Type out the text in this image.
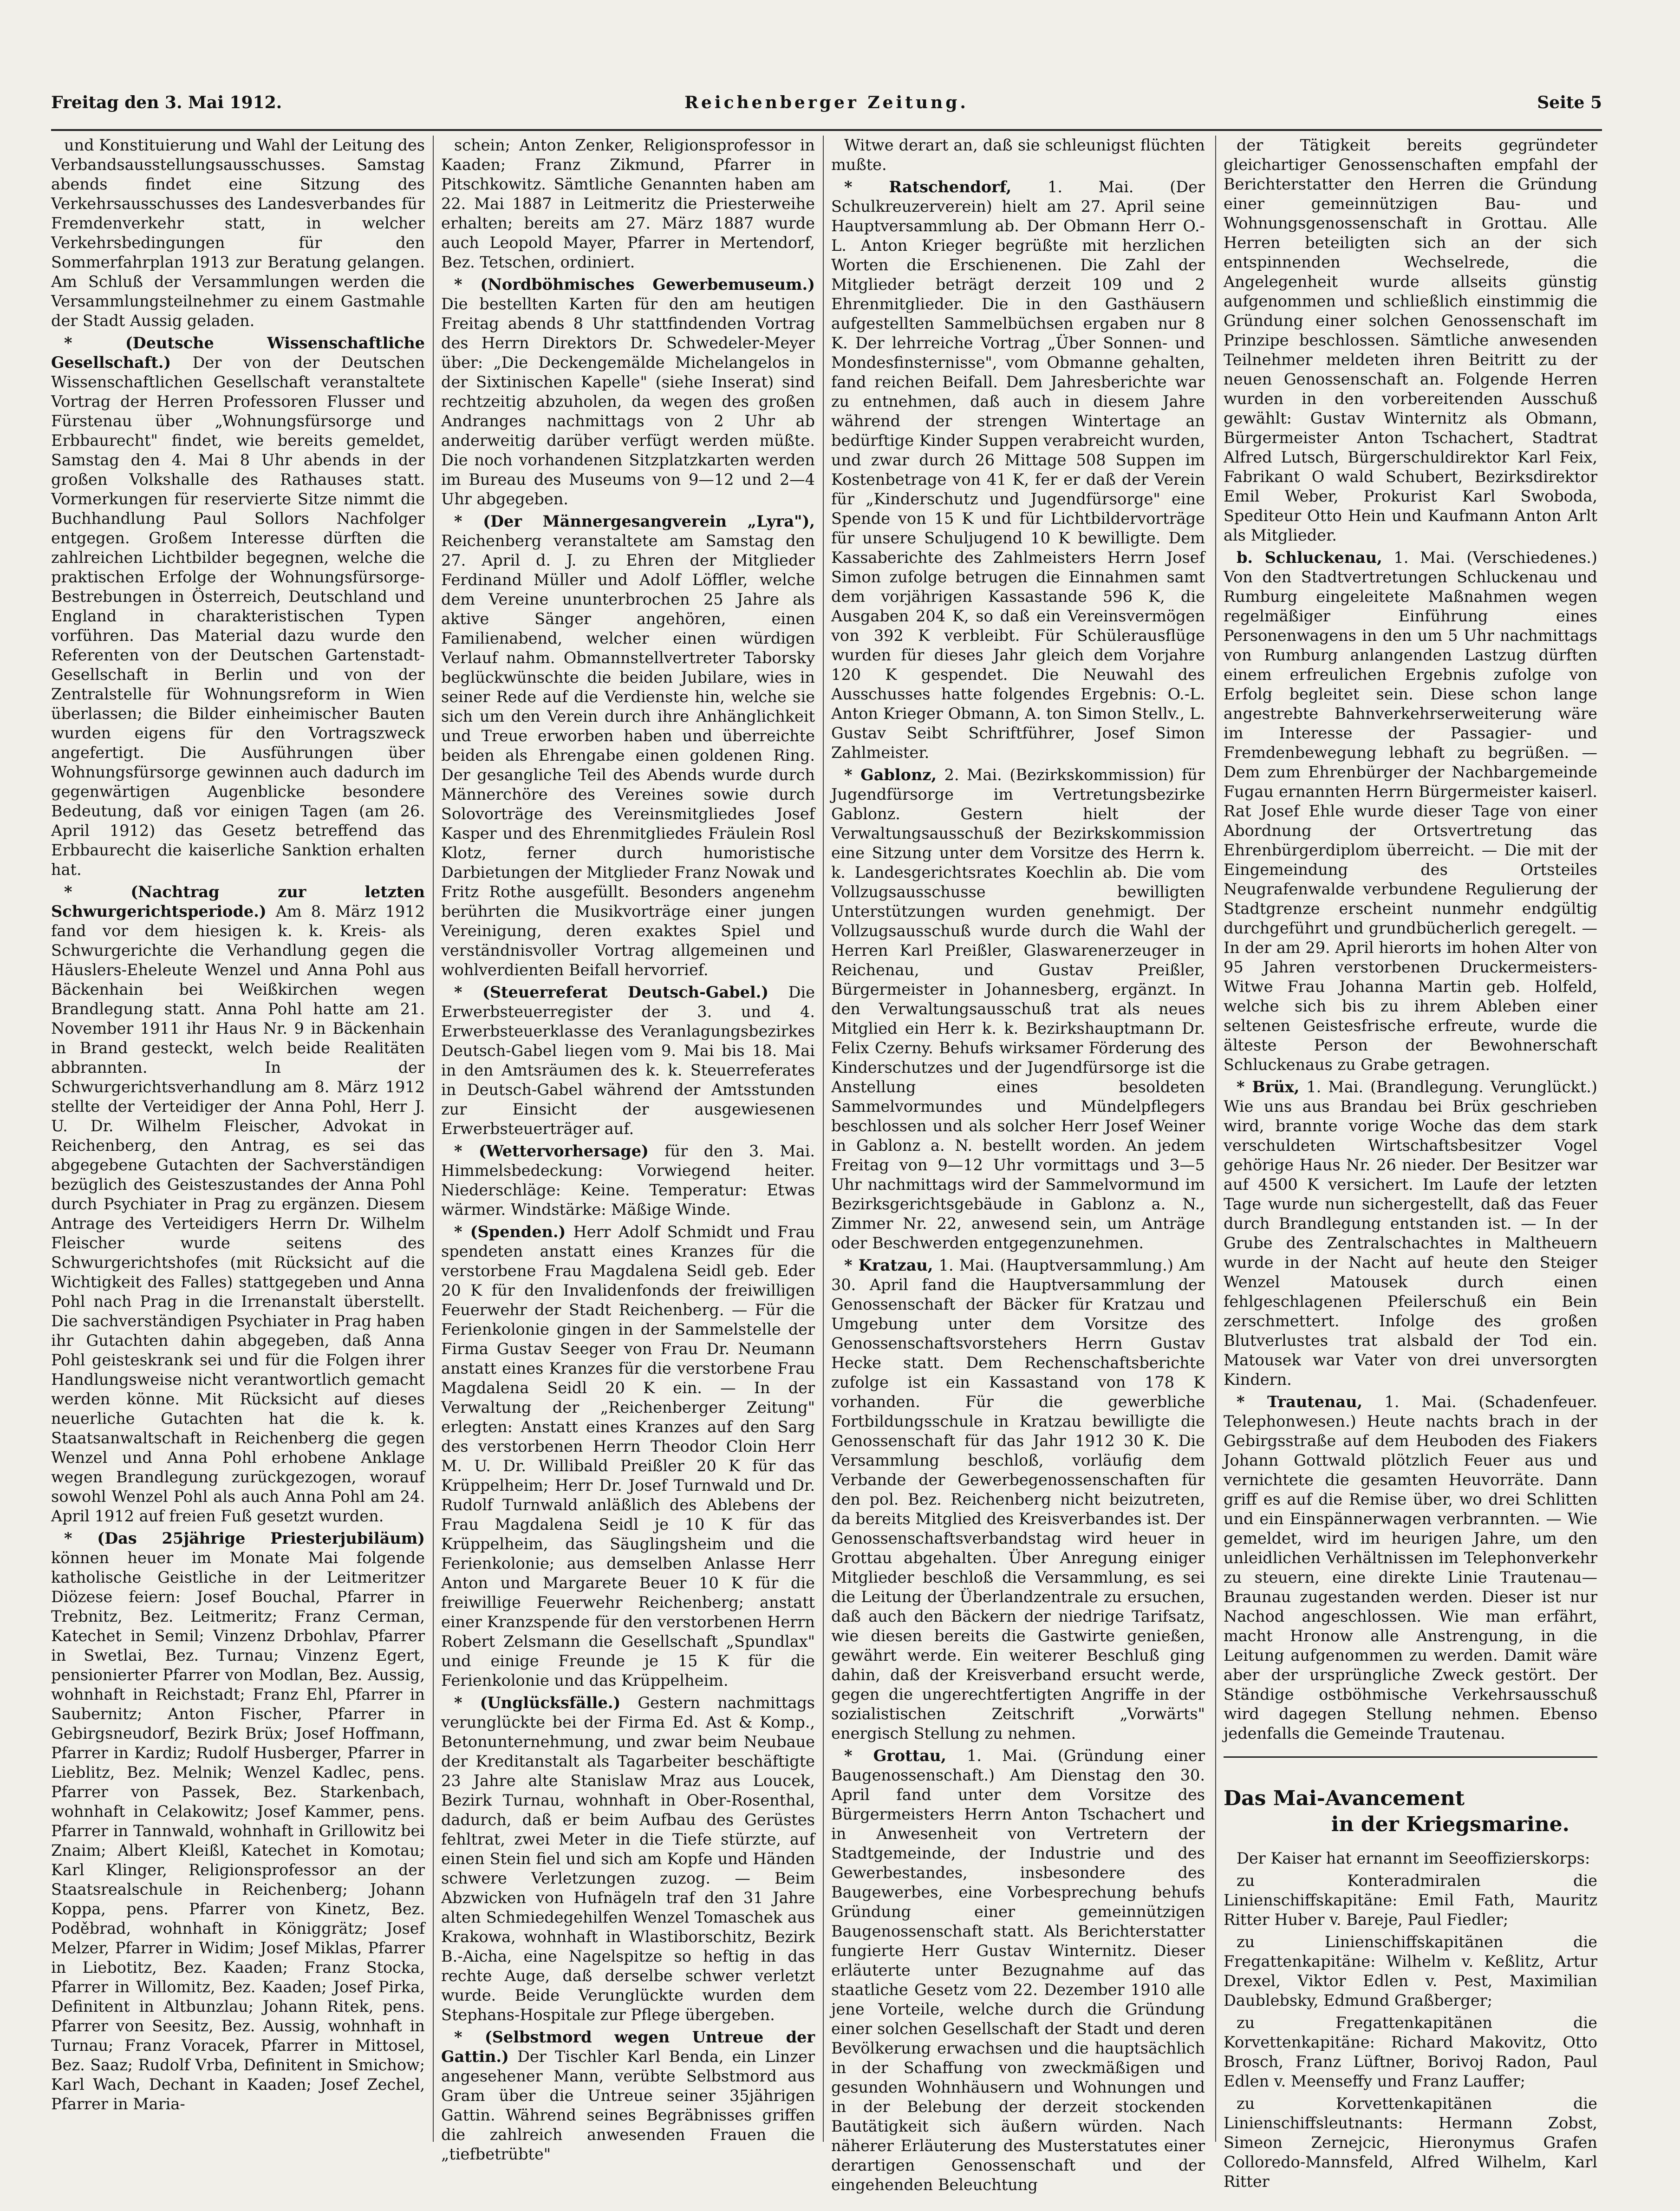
Freitag den 3. Mai 1912.	Reichenberger Zeitung.	Seite 5

und Konstituierung und Wahl der Leitung des Verbandsausstellungsausschusses. Samstag abends findet eine Sitzung des Verkehrsausschusses des Landesverbandes für Fremdenverkehr statt, in welcher Verkehrsbedingungen für den Sommerfahrplan 1913 zur Beratung gelangen. Am Schluß der Versammlungen werden die Versammlungsteilnehmer zu einem Gastmahle der Stadt Aussig geladen.

* (Deutsche Wissenschaftliche Gesellschaft.) Der von der Deutschen Wissenschaftlichen Gesellschaft veranstaltete Vortrag der Herren Professoren Flusser und Fürstenau über „Wohnungsfürsorge und Erbbaurecht" findet, wie bereits gemeldet, Samstag den 4. Mai 8 Uhr abends in der großen Volkshalle des Rathauses statt. Vormerkungen für reservierte Sitze nimmt die Buchhandlung Paul Sollors Nachfolger entgegen. Großem Interesse dürften die zahlreichen Lichtbilder begegnen, welche die praktischen Erfolge der Wohnungsfürsorge-Bestrebungen in Österreich, Deutschland und England in charakteristischen Typen vorführen. Das Material dazu wurde den Referenten von der Deutschen Gartenstadt-Gesellschaft in Berlin und von der Zentralstelle für Wohnungsreform in Wien überlassen; die Bilder einheimischer Bauten wurden eigens für den Vortragszweck angefertigt. Die Ausführungen über Wohnungsfürsorge gewinnen auch dadurch im gegenwärtigen Augenblicke besondere Bedeutung, daß vor einigen Tagen (am 26. April 1912) das Gesetz betreffend das Erbbaurecht die kaiserliche Sanktion erhalten hat.

* (Nachtrag zur letzten Schwurgerichtsperiode.) Am 8. März 1912 fand vor dem hiesigen k. k. Kreis- als Schwurgerichte die Verhandlung gegen die Häuslers-Eheleute Wenzel und Anna Pohl aus Bäckenhain bei Weißkirchen wegen Brandlegung statt. Anna Pohl hatte am 21. November 1911 ihr Haus Nr. 9 in Bäckenhain in Brand gesteckt, welch beide Realitäten abbrannten. In der Schwurgerichtsverhandlung am 8. März 1912 stellte der Verteidiger der Anna Pohl, Herr J. U. Dr. Wilhelm Fleischer, Advokat in Reichenberg, den Antrag, es sei das abgegebene Gutachten der Sachverständigen bezüglich des Geisteszustandes der Anna Pohl durch Psychiater in Prag zu ergänzen. Diesem Antrage des Verteidigers Herrn Dr. Wilhelm Fleischer wurde seitens des Schwurgerichtshofes (mit Rücksicht auf die Wichtigkeit des Falles) stattgegeben und Anna Pohl nach Prag in die Irrenanstalt überstellt. Die sachverständigen Psychiater in Prag haben ihr Gutachten dahin abgegeben, daß Anna Pohl geisteskrank sei und für die Folgen ihrer Handlungsweise nicht verantwortlich gemacht werden könne. Mit Rücksicht auf dieses neuerliche Gutachten hat die k. k. Staatsanwaltschaft in Reichenberg die gegen Wenzel und Anna Pohl erhobene Anklage wegen Brandlegung zurückgezogen, worauf sowohl Wenzel Pohl als auch Anna Pohl am 24. April 1912 auf freien Fuß gesetzt wurden.

* (Das 25jährige Priesterjubiläum) können heuer im Monate Mai folgende katholische Geistliche in der Leitmeritzer Diözese feiern: Josef Bouchal, Pfarrer in Trebnitz, Bez. Leitmeritz; Franz Cerman, Katechet in Semil; Vinzenz Drbohlav, Pfarrer in Swetlai, Bez. Turnau; Vinzenz Egert, pensionierter Pfarrer von Modlan, Bez. Aussig, wohnhaft in Reichstadt; Franz Ehl, Pfarrer in Saubernitz; Anton Fischer, Pfarrer in Gebirgsneudorf, Bezirk Brüx; Josef Hoffmann, Pfarrer in Kardiz; Rudolf Husberger, Pfarrer in Lieblitz, Bez. Melnik; Wenzel Kadlec, pens. Pfarrer von Passek, Bez. Starkenbach, wohnhaft in Celakowitz; Josef Kammer, pens. Pfarrer in Tannwald, wohnhaft in Grillowitz bei Znaim; Albert Kleißl, Katechet in Komotau; Karl Klinger, Religionsprofessor an der Staatsrealschule in Reichenberg; Johann Koppa, pens. Pfarrer von Kinetz, Bez. Poděbrad, wohnhaft in Königgrätz; Josef Melzer, Pfarrer in Widim; Josef Miklas, Pfarrer in Liebotitz, Bez. Kaaden; Franz Stocka, Pfarrer in Willomitz, Bez. Kaaden; Josef Pirka, Definitent in Altbunzlau; Johann Ritek, pens. Pfarrer von Seesitz, Bez. Aussig, wohnhaft in Turnau; Franz Voracek, Pfarrer in Mittosel, Bez. Saaz; Rudolf Vrba, Definitent in Smichow; Karl Wach, Dechant in Kaaden; Josef Zechel, Pfarrer in Maria-

schein; Anton Zenker, Religionsprofessor in Kaaden; Franz Zikmund, Pfarrer in Pitschkowitz. Sämtliche Genannten haben am 22. Mai 1887 in Leitmeritz die Priesterweihe erhalten; bereits am 27. März 1887 wurde auch Leopold Mayer, Pfarrer in Mertendorf, Bez. Tetschen, ordiniert.

* (Nordböhmisches Gewerbemuseum.) Die bestellten Karten für den am heutigen Freitag abends 8 Uhr stattfindenden Vortrag des Herrn Direktors Dr. Schwedeler-Meyer über: „Die Deckengemälde Michelangelos in der Sixtinischen Kapelle" (siehe Inserat) sind rechtzeitig abzuholen, da wegen des großen Andranges nachmittags von 2 Uhr ab anderweitig darüber verfügt werden müßte. Die noch vorhandenen Sitzplatzkarten werden im Bureau des Museums von 9—12 und 2—4 Uhr abgegeben.

* (Der Männergesangverein „Lyra"), Reichenberg veranstaltete am Samstag den 27. April d. J. zu Ehren der Mitglieder Ferdinand Müller und Adolf Löffler, welche dem Vereine ununterbrochen 25 Jahre als aktive Sänger angehören, einen Familienabend, welcher einen würdigen Verlauf nahm. Obmannstellvertreter Taborsky beglückwünschte die beiden Jubilare, wies in seiner Rede auf die Verdienste hin, welche sie sich um den Verein durch ihre Anhänglichkeit und Treue erworben haben und überreichte beiden als Ehrengabe einen goldenen Ring. Der gesangliche Teil des Abends wurde durch Männerchöre des Vereines sowie durch Solovorträge des Vereinsmitgliedes Josef Kasper und des Ehrenmitgliedes Fräulein Rosl Klotz, ferner durch humoristische Darbietungen der Mitglieder Franz Nowak und Fritz Rothe ausgefüllt. Besonders angenehm berührten die Musikvorträge einer jungen Vereinigung, deren exaktes Spiel und verständnisvoller Vortrag allgemeinen und wohlverdienten Beifall hervorrief.

* (Steuerreferat Deutsch-Gabel.) Die Erwerbsteuerregister der 3. und 4. Erwerbsteuerklasse des Veranlagungsbezirkes Deutsch-Gabel liegen vom 9. Mai bis 18. Mai in den Amtsräumen des k. k. Steuerreferates in Deutsch-Gabel während der Amtsstunden zur Einsicht der ausgewiesenen Erwerbsteuerträger auf.

* (Wettervorhersage) für den 3. Mai. Himmelsbedeckung: Vorwiegend heiter. Niederschläge: Keine. Temperatur: Etwas wärmer. Windstärke: Mäßige Winde.

* (Spenden.) Herr Adolf Schmidt und Frau spendeten anstatt eines Kranzes für die verstorbene Frau Magdalena Seidl geb. Eder 20 K für den Invalidenfonds der freiwilligen Feuerwehr der Stadt Reichenberg. — Für die Ferienkolonie gingen in der Sammelstelle der Firma Gustav Seeger von Frau Dr. Neumann anstatt eines Kranzes für die verstorbene Frau Magdalena Seidl 20 K ein. — In der Verwaltung der „Reichenberger Zeitung" erlegten: Anstatt eines Kranzes auf den Sarg des verstorbenen Herrn Theodor Cloin Herr M. U. Dr. Willibald Preißler 20 K für das Krüppelheim; Herr Dr. Josef Turnwald und Dr. Rudolf Turnwald anläßlich des Ablebens der Frau Magdalena Seidl je 10 K für das Krüppelheim, das Säuglingsheim und die Ferienkolonie; aus demselben Anlasse Herr Anton und Margarete Beuer 10 K für die freiwillige Feuerwehr Reichenberg; anstatt einer Kranzspende für den verstorbenen Herrn Robert Zelsmann die Gesellschaft „Spundlax" und einige Freunde je 15 K für die Ferienkolonie und das Krüppelheim.

* (Unglücksfälle.) Gestern nachmittags verunglückte bei der Firma Ed. Ast & Komp., Betonunternehmung, und zwar beim Neubaue der Kreditanstalt als Tagarbeiter beschäftigte 23 Jahre alte Stanislaw Mraz aus Loucek, Bezirk Turnau, wohnhaft in Ober-Rosenthal, dadurch, daß er beim Aufbau des Gerüstes fehltrat, zwei Meter in die Tiefe stürzte, auf einen Stein fiel und sich am Kopfe und Händen schwere Verletzungen zuzog. — Beim Abzwicken von Hufnägeln traf den 31 Jahre alten Schmiedegehilfen Wenzel Tomaschek aus Krakowa, wohnhaft in Wlastiborschitz, Bezirk B.-Aicha, eine Nagelspitze so heftig in das rechte Auge, daß derselbe schwer verletzt wurde. Beide Verunglückte wurden dem Stephans-Hospitale zur Pflege übergeben.

* (Selbstmord wegen Untreue der Gattin.) Der Tischler Karl Benda, ein Linzer angesehener Mann, verübte Selbstmord aus Gram über die Untreue seiner 35jährigen Gattin. Während seines Begräbnisses griffen die zahlreich anwesenden Frauen die „tiefbetrübte"

Witwe derart an, daß sie schleunigst flüchten mußte.

* Ratschendorf, 1. Mai. (Der Schulkreuzerverein) hielt am 27. April seine Hauptversammlung ab. Der Obmann Herr O.-L. Anton Krieger begrüßte mit herzlichen Worten die Erschienenen. Die Zahl der Mitglieder beträgt derzeit 109 und 2 Ehrenmitglieder. Die in den Gasthäusern aufgestellten Sammelbüchsen ergaben nur 8 K. Der lehrreiche Vortrag „Über Sonnen- und Mondesfinsternisse", vom Obmanne gehalten, fand reichen Beifall. Dem Jahresberichte war zu entnehmen, daß auch in diesem Jahre während der strengen Wintertage an bedürftige Kinder Suppen verabreicht wurden, und zwar durch 26 Mittage 508 Suppen im Kostenbetrage von 41 K, fer er daß der Verein für „Kinderschutz und Jugendfürsorge" eine Spende von 15 K und für Lichtbildervorträge für unsere Schuljugend 10 K bewilligte. Dem Kassaberichte des Zahlmeisters Herrn Josef Simon zufolge betrugen die Einnahmen samt dem vorjährigen Kassastande 596 K, die Ausgaben 204 K, so daß ein Vereinsvermögen von 392 K verbleibt. Für Schülerausflüge wurden für dieses Jahr gleich dem Vorjahre 120 K gespendet. Die Neuwahl des Ausschusses hatte folgendes Ergebnis: O.-L. Anton Krieger Obmann, A. ton Simon Stellv., L. Gustav Seibt Schriftführer, Josef Simon Zahlmeister.

* Gablonz, 2. Mai. (Bezirkskommission) für Jugendfürsorge im Vertretungsbezirke Gablonz. Gestern hielt der Verwaltungsausschuß der Bezirkskommission eine Sitzung unter dem Vorsitze des Herrn k. k. Landesgerichtsrates Koechlin ab. Die vom Vollzugsausschusse bewilligten Unterstützungen wurden genehmigt. Der Vollzugsausschuß wurde durch die Wahl der Herren Karl Preißler, Glaswarenerzeuger in Reichenau, und Gustav Preißler, Bürgermeister in Johannesberg, ergänzt. In den Verwaltungsausschuß trat als neues Mitglied ein Herr k. k. Bezirkshauptmann Dr. Felix Czerny. Behufs wirksamer Förderung des Kinderschutzes und der Jugendfürsorge ist die Anstellung eines besoldeten Sammelvormundes und Mündelpflegers beschlossen und als solcher Herr Josef Weiner in Gablonz a. N. bestellt worden. An jedem Freitag von 9—12 Uhr vormittags und 3—5 Uhr nachmittags wird der Sammelvormund im Bezirksgerichtsgebäude in Gablonz a. N., Zimmer Nr. 22, anwesend sein, um Anträge oder Beschwerden entgegenzunehmen.

* Kratzau, 1. Mai. (Hauptversammlung.) Am 30. April fand die Hauptversammlung der Genossenschaft der Bäcker für Kratzau und Umgebung unter dem Vorsitze des Genossenschaftsvorstehers Herrn Gustav Hecke statt. Dem Rechenschaftsberichte zufolge ist ein Kassastand von 178 K vorhanden. Für die gewerbliche Fortbildungsschule in Kratzau bewilligte die Genossenschaft für das Jahr 1912 30 K. Die Versammlung beschloß, vorläufig dem Verbande der Gewerbegenossenschaften für den pol. Bez. Reichenberg nicht beizutreten, da bereits Mitglied des Kreisverbandes ist. Der Genossenschaftsverbandstag wird heuer in Grottau abgehalten. Über Anregung einiger Mitglieder beschloß die Versammlung, es sei die Leitung der Überlandzentrale zu ersuchen, daß auch den Bäckern der niedrige Tarifsatz, wie diesen bereits die Gastwirte genießen, gewährt werde. Ein weiterer Beschluß ging dahin, daß der Kreisverband ersucht werde, gegen die ungerechtfertigten Angriffe in der sozialistischen Zeitschrift „Vorwärts" energisch Stellung zu nehmen.

* Grottau, 1. Mai. (Gründung einer Baugenossenschaft.) Am Dienstag den 30. April fand unter dem Vorsitze des Bürgermeisters Herrn Anton Tschachert und in Anwesenheit von Vertretern der Stadtgemeinde, der Industrie und des Gewerbestandes, insbesondere des Baugewerbes, eine Vorbesprechung behufs Gründung einer gemeinnützigen Baugenossenschaft statt. Als Berichterstatter fungierte Herr Gustav Winternitz. Dieser erläuterte unter Bezugnahme auf das staatliche Gesetz vom 22. Dezember 1910 alle jene Vorteile, welche durch die Gründung einer solchen Gesellschaft der Stadt und deren Bevölkerung erwachsen und die hauptsächlich in der Schaffung von zweckmäßigen und gesunden Wohnhäusern und Wohnungen und in der Belebung der derzeit stockenden Bautätigkeit sich äußern würden. Nach näherer Erläuterung des Musterstatutes einer derartigen Genossenschaft und der eingehenden Beleuchtung

der Tätigkeit bereits gegründeter gleichartiger Genossenschaften empfahl der Berichterstatter den Herren die Gründung einer gemeinnützigen Bau- und Wohnungsgenossenschaft in Grottau. Alle Herren beteiligten sich an der sich entspinnenden Wechselrede, die Angelegenheit wurde allseits günstig aufgenommen und schließlich einstimmig die Gründung einer solchen Genossenschaft im Prinzipe beschlossen. Sämtliche anwesenden Teilnehmer meldeten ihren Beitritt zu der neuen Genossenschaft an. Folgende Herren wurden in den vorbereitenden Ausschuß gewählt: Gustav Winternitz als Obmann, Bürgermeister Anton Tschachert, Stadtrat Alfred Lutsch, Bürgerschuldirektor Karl Feix, Fabrikant O wald Schubert, Bezirksdirektor Emil Weber, Prokurist Karl Swoboda, Spediteur Otto Hein und Kaufmann Anton Arlt als Mitglieder.

b. Schluckenau, 1. Mai. (Verschiedenes.) Von den Stadtvertretungen Schluckenau und Rumburg eingeleitete Maßnahmen wegen regelmäßiger Einführung eines Personenwagens in den um 5 Uhr nachmittags von Rumburg anlangenden Lastzug dürften einem erfreulichen Ergebnis zufolge von Erfolg begleitet sein. Diese schon lange angestrebte Bahnverkehrserweiterung wäre im Interesse der Passagier- und Fremdenbewegung lebhaft zu begrüßen. — Dem zum Ehrenbürger der Nachbargemeinde Fugau ernannten Herrn Bürgermeister kaiserl. Rat Josef Ehle wurde dieser Tage von einer Abordnung der Ortsvertretung das Ehrenbürgerdiplom überreicht. — Die mit der Eingemeindung des Ortsteiles Neugrafenwalde verbundene Regulierung der Stadtgrenze erscheint nunmehr endgültig durchgeführt und grundbücherlich geregelt. — In der am 29. April hierorts im hohen Alter von 95 Jahren verstorbenen Druckermeisters-Witwe Frau Johanna Martin geb. Holfeld, welche sich bis zu ihrem Ableben einer seltenen Geistesfrische erfreute, wurde die älteste Person der Bewohnerschaft Schluckenaus zu Grabe getragen.

* Brüx, 1. Mai. (Brandlegung. Verunglückt.) Wie uns aus Brandau bei Brüx geschrieben wird, brannte vorige Woche das dem stark verschuldeten Wirtschaftsbesitzer Vogel gehörige Haus Nr. 26 nieder. Der Besitzer war auf 4500 K versichert. Im Laufe der letzten Tage wurde nun sichergestellt, daß das Feuer durch Brandlegung entstanden ist. — In der Grube des Zentralschachtes in Maltheuern wurde in der Nacht auf heute den Steiger Wenzel Matousek durch einen fehlgeschlagenen Pfeilerschuß ein Bein zerschmettert. Infolge des großen Blutverlustes trat alsbald der Tod ein. Matousek war Vater von drei unversorgten Kindern.

* Trautenau, 1. Mai. (Schadenfeuer. Telephonwesen.) Heute nachts brach in der Gebirgsstraße auf dem Heuboden des Fiakers Johann Gottwald plötzlich Feuer aus und vernichtete die gesamten Heuvorräte. Dann griff es auf die Remise über, wo drei Schlitten und ein Einspännerwagen verbrannten. — Wie gemeldet, wird im heurigen Jahre, um den unleidlichen Verhältnissen im Telephonverkehr zu steuern, eine direkte Linie Trautenau—Braunau zugestanden werden. Dieser ist nur Nachod angeschlossen. Wie man erfährt, macht Hronow alle Anstrengung, in die Leitung aufgenommen zu werden. Damit wäre aber der ursprüngliche Zweck gestört. Der Ständige ostböhmische Verkehrsausschuß wird dagegen Stellung nehmen. Ebenso jedenfalls die Gemeinde Trautenau.

Das Mai-Avancement
in der Kriegsmarine.

Der Kaiser hat ernannt im Seeoffizierskorps:

zu Konteradmiralen die Linienschiffskapitäne: Emil Fath, Mauritz Ritter Huber v. Bareje, Paul Fiedler;

zu Linienschiffskapitänen die Fregattenkapitäne: Wilhelm v. Keßlitz, Artur Drexel, Viktor Edlen v. Pest, Maximilian Daublebsky, Edmund Graßberger;

zu Fregattenkapitänen die Korvettenkapitäne: Richard Makovitz, Otto Brosch, Franz Lüftner, Borivoj Radon, Paul Edlen v. Meenseffy und Franz Lauffer;

zu Korvettenkapitänen die Linienschiffsleutnants: Hermann Zobst, Simeon Zernejcic, Hieronymus Grafen Colloredo-Mannsfeld, Alfred Wilhelm, Karl Ritter
